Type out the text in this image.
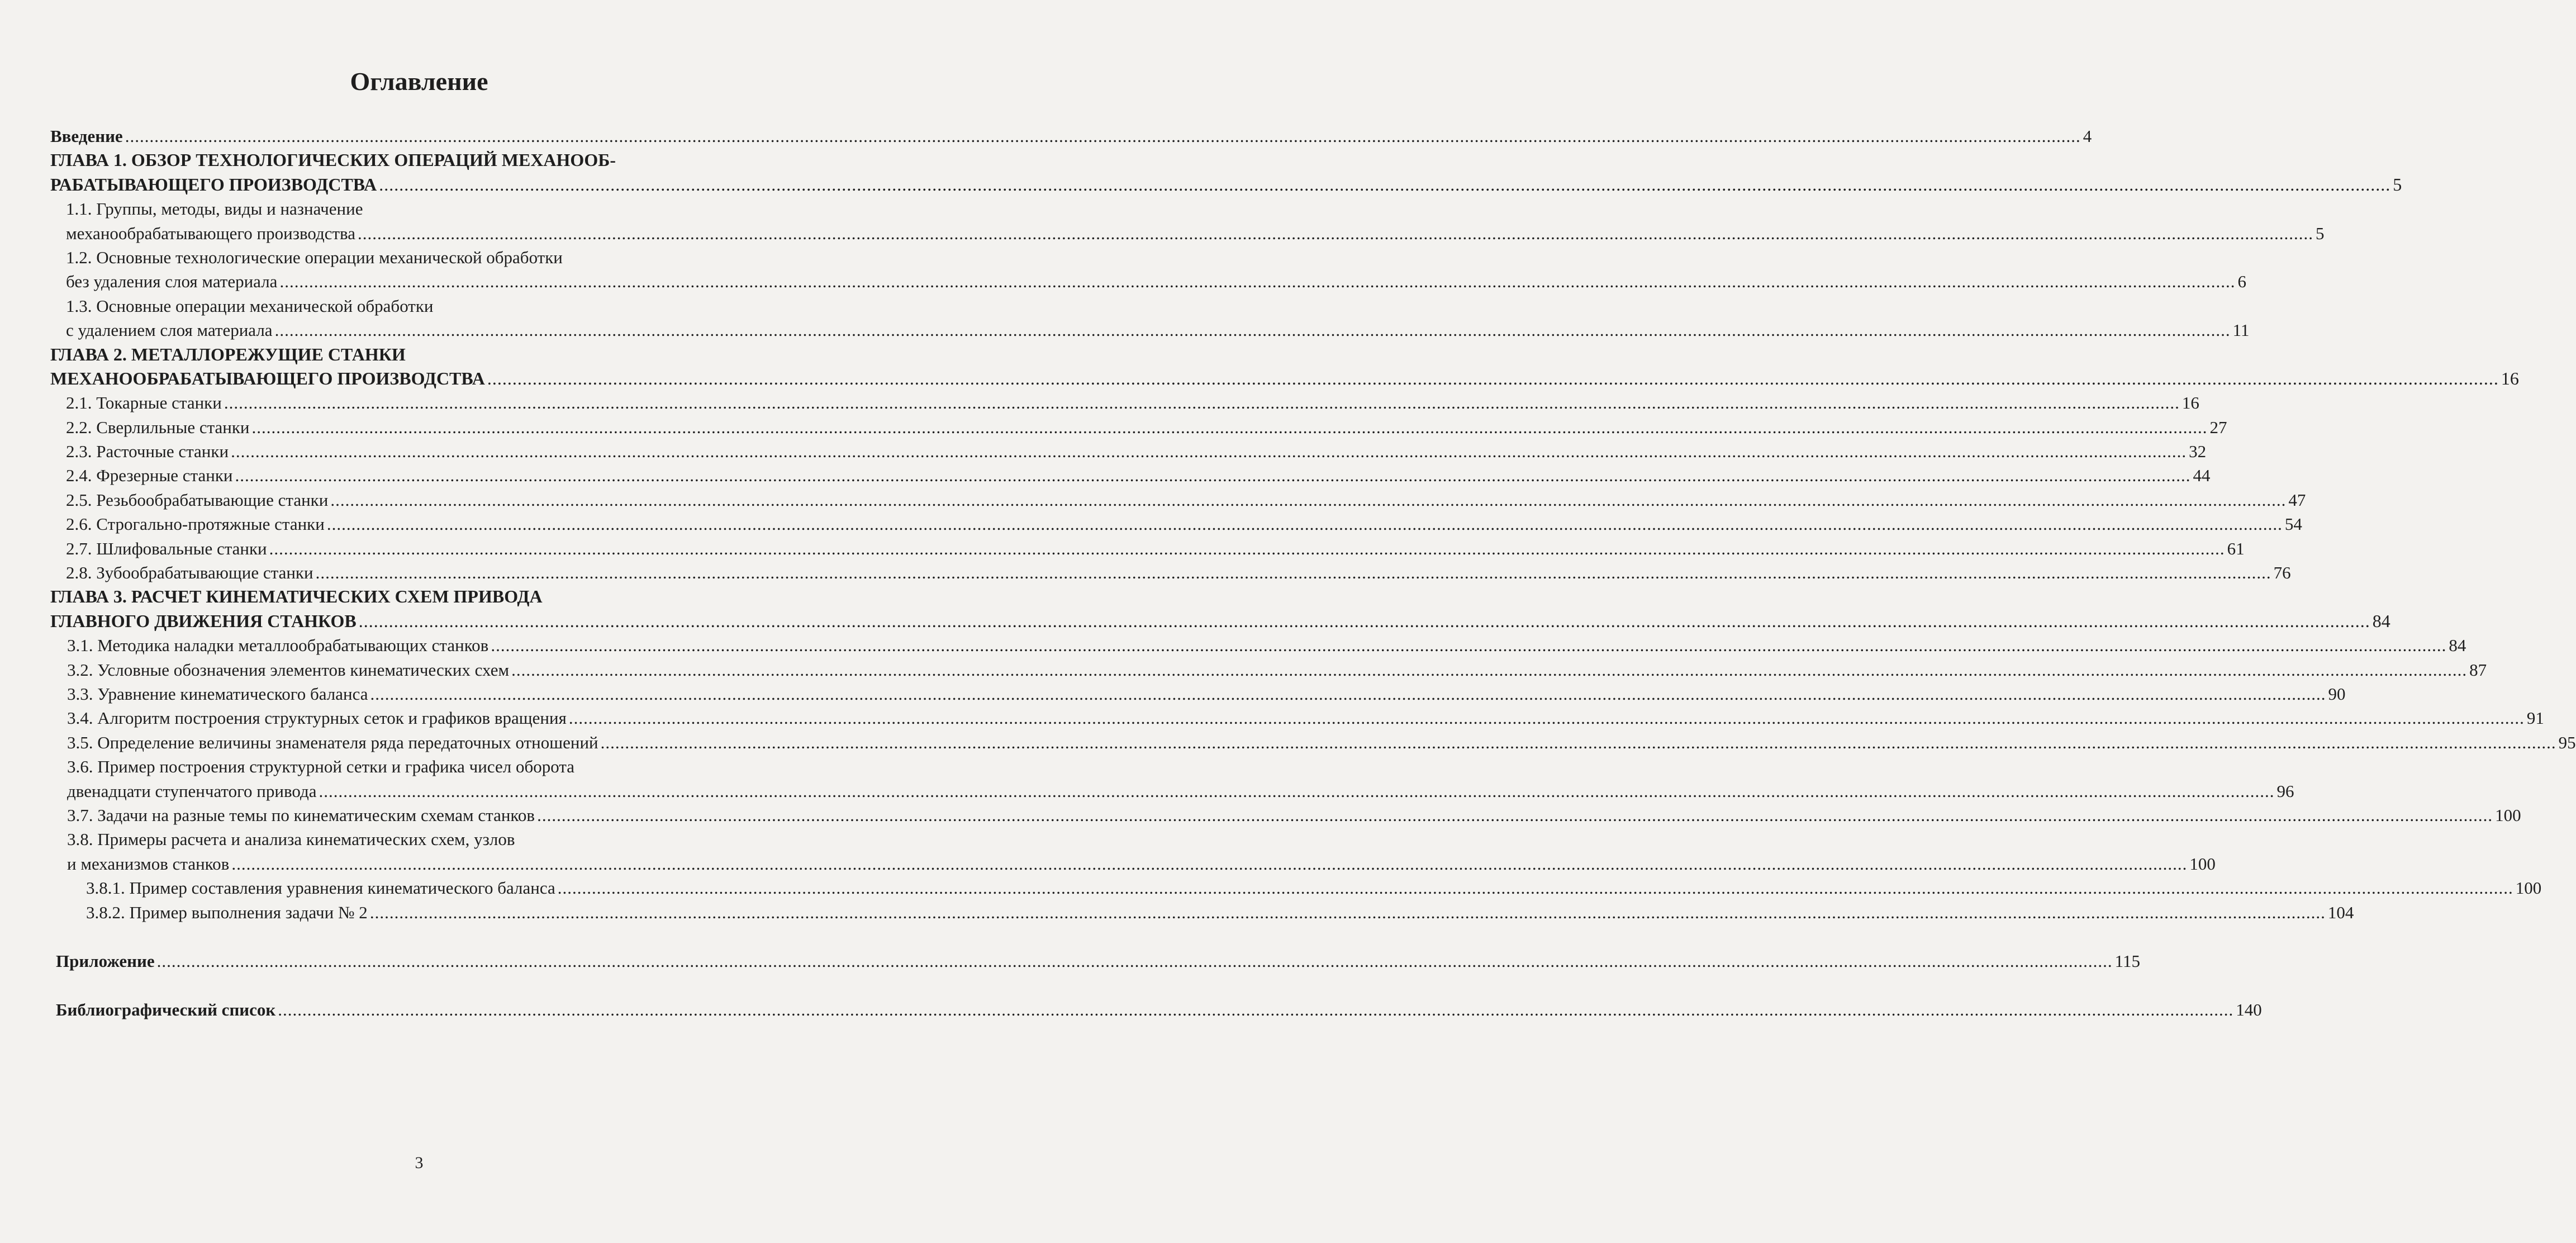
Оглавление
Введение ................................................................................................................................................................................................................................................................................................................................................................................................................ 4
ГЛАВА 1. ОБЗОР ТЕХНОЛОГИЧЕСКИХ ОПЕРАЦИЙ МЕХАНООБ-
РАБАТЫВАЮЩЕГО ПРОИЗВОДСТВА ................................................................................................................................................................................................................................................................................................................................................................................................................ 5
1.1. Группы, методы, виды и назначение
механообрабатывающего производства ................................................................................................................................................................................................................................................................................................................................................................................................................ 5
1.2. Основные технологические операции механической обработки
без удаления слоя материала ................................................................................................................................................................................................................................................................................................................................................................................................................ 6
1.3. Основные операции механической обработки
с удалением слоя материала ................................................................................................................................................................................................................................................................................................................................................................................................................ 11
ГЛАВА 2. МЕТАЛЛОРЕЖУЩИЕ СТАНКИ
МЕХАНООБРАБАТЫВАЮЩЕГО ПРОИЗВОДСТВА ................................................................................................................................................................................................................................................................................................................................................................................................................ 16
2.1. Токарные станки ................................................................................................................................................................................................................................................................................................................................................................................................................ 16
2.2. Сверлильные станки ................................................................................................................................................................................................................................................................................................................................................................................................................ 27
2.3. Расточные станки ................................................................................................................................................................................................................................................................................................................................................................................................................ 32
2.4. Фрезерные станки ................................................................................................................................................................................................................................................................................................................................................................................................................ 44
2.5. Резьбообрабатывающие станки ................................................................................................................................................................................................................................................................................................................................................................................................................ 47
2.6. Строгально-протяжные станки ................................................................................................................................................................................................................................................................................................................................................................................................................ 54
2.7. Шлифовальные станки ................................................................................................................................................................................................................................................................................................................................................................................................................ 61
2.8. Зубообрабатывающие станки ................................................................................................................................................................................................................................................................................................................................................................................................................ 76
ГЛАВА 3. РАСЧЕТ КИНЕМАТИЧЕСКИХ СХЕМ ПРИВОДА
ГЛАВНОГО ДВИЖЕНИЯ СТАНКОВ ................................................................................................................................................................................................................................................................................................................................................................................................................ 84
3.1. Методика наладки металлообрабатывающих станков ................................................................................................................................................................................................................................................................................................................................................................................................................ 84
3.2. Условные обозначения элементов кинематических схем ................................................................................................................................................................................................................................................................................................................................................................................................................ 87
3.3. Уравнение кинематического баланса ................................................................................................................................................................................................................................................................................................................................................................................................................ 90
3.4. Алгоритм построения структурных сеток и графиков вращения ................................................................................................................................................................................................................................................................................................................................................................................................................ 91
3.5. Определение величины знаменателя ряда передаточных отношений ................................................................................................................................................................................................................................................................................................................................................................................................................ 95
3.6. Пример построения структурной сетки и графика чисел оборота
двенадцати ступенчатого привода ................................................................................................................................................................................................................................................................................................................................................................................................................ 96
3.7. Задачи на разные темы по кинематическим схемам станков ................................................................................................................................................................................................................................................................................................................................................................................................................ 100
3.8. Примеры расчета и анализа кинематических схем, узлов
и механизмов станков ................................................................................................................................................................................................................................................................................................................................................................................................................ 100
3.8.1. Пример составления уравнения кинематического баланса ................................................................................................................................................................................................................................................................................................................................................................................................................ 100
3.8.2. Пример выполнения задачи № 2 ................................................................................................................................................................................................................................................................................................................................................................................................................ 104
Приложение ................................................................................................................................................................................................................................................................................................................................................................................................................ 115
Библиографический список ................................................................................................................................................................................................................................................................................................................................................................................................................ 140
3
